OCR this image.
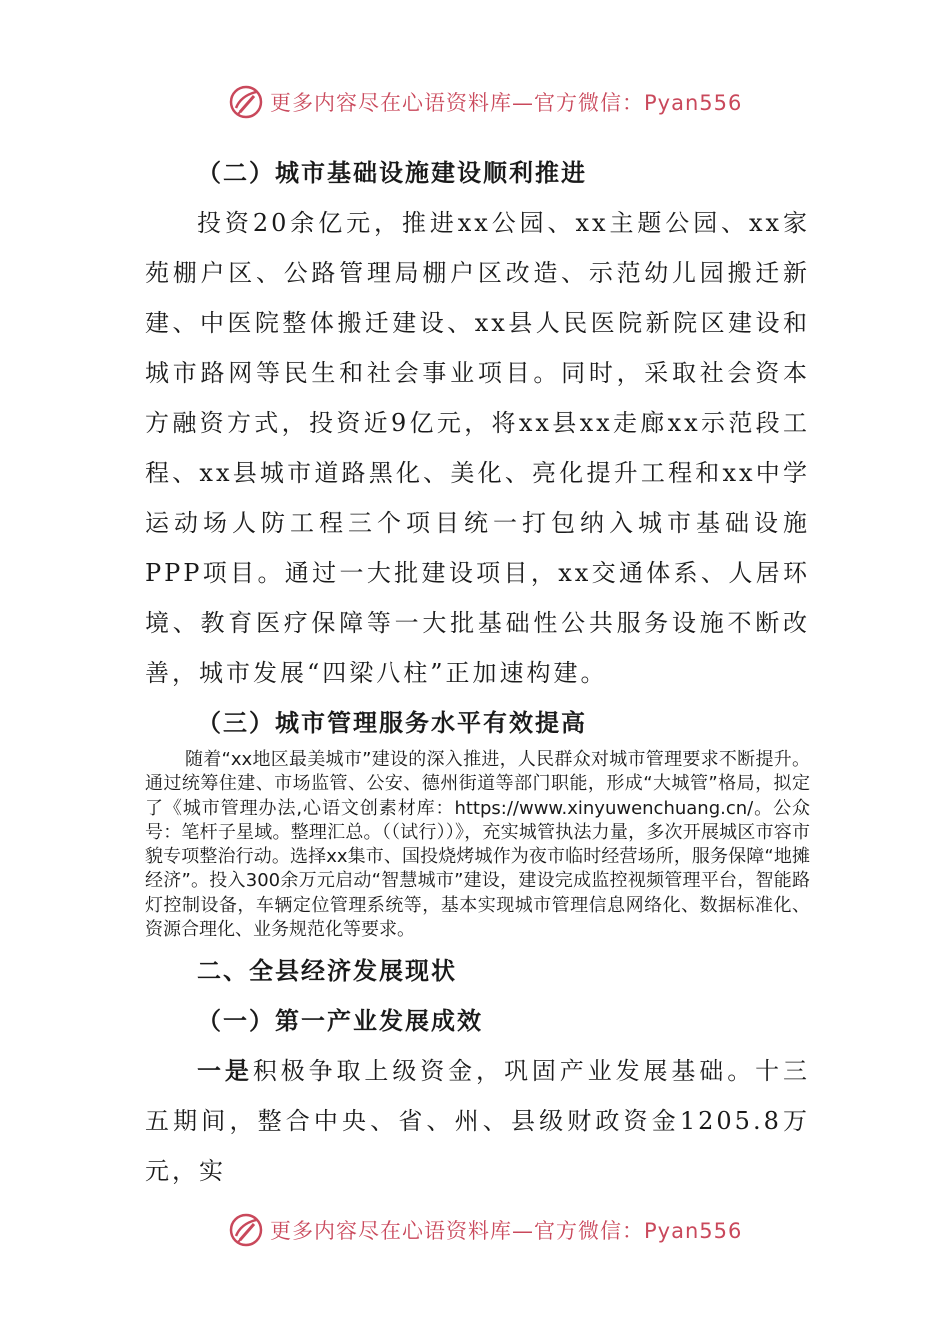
更多内容尽在心语资料库—官方微信：Pyan556
（二）城市基础设施建设顺利推进

投资20余亿元，推进xx公园、xx主题公园、xx家苑棚户区、公路管理局棚户区改造、示范幼儿园搬迁新建、中医院整体搬迁建设、xx县人民医院新院区建设和城市路网等民生和社会事业项目。同时，采取社会资本方融资方式，投资近9亿元，将xx县xx走廊xx示范段工程、xx县城市道路黑化、美化、亮化提升工程和xx中学运动场人防工程三个项目统一打包纳入城市基础设施PPP项目。通过一大批建设项目，xx交通体系、人居环境、教育医疗保障等一大批基础性公共服务设施不断改善，城市发展“四梁八柱”正加速构建。

（三）城市管理服务水平有效提高

随着“xx地区最美城市”建设的深入推进，人民群众对城市管理要求不断提升。通过统筹住建、市场监管、公安、德州街道等部门职能，形成“大城管”格局，拟定了《城市管理办法,心语文创素材库：https://www.xinyuwenchuang.cn/。公众号：笔杆子星域。整理汇总。（（试行））》，充实城管执法力量，多次开展城区市容市貌专项整治行动。选择xx集市、国投烧烤城作为夜市临时经营场所，服务保障“地摊经济”。投入300余万元启动“智慧城市”建设，建设完成监控视频管理平台，智能路灯控制设备，车辆定位管理系统等，基本实现城市管理信息网络化、数据标准化、资源合理化、业务规范化等要求。

二、全县经济发展现状
（一）第一产业发展成效

一是积极争取上级资金，巩固产业发展基础。十三五期间，整合中央、省、州、县级财政资金1205.8万元，实

更多内容尽在心语资料库—官方微信：Pyan556
